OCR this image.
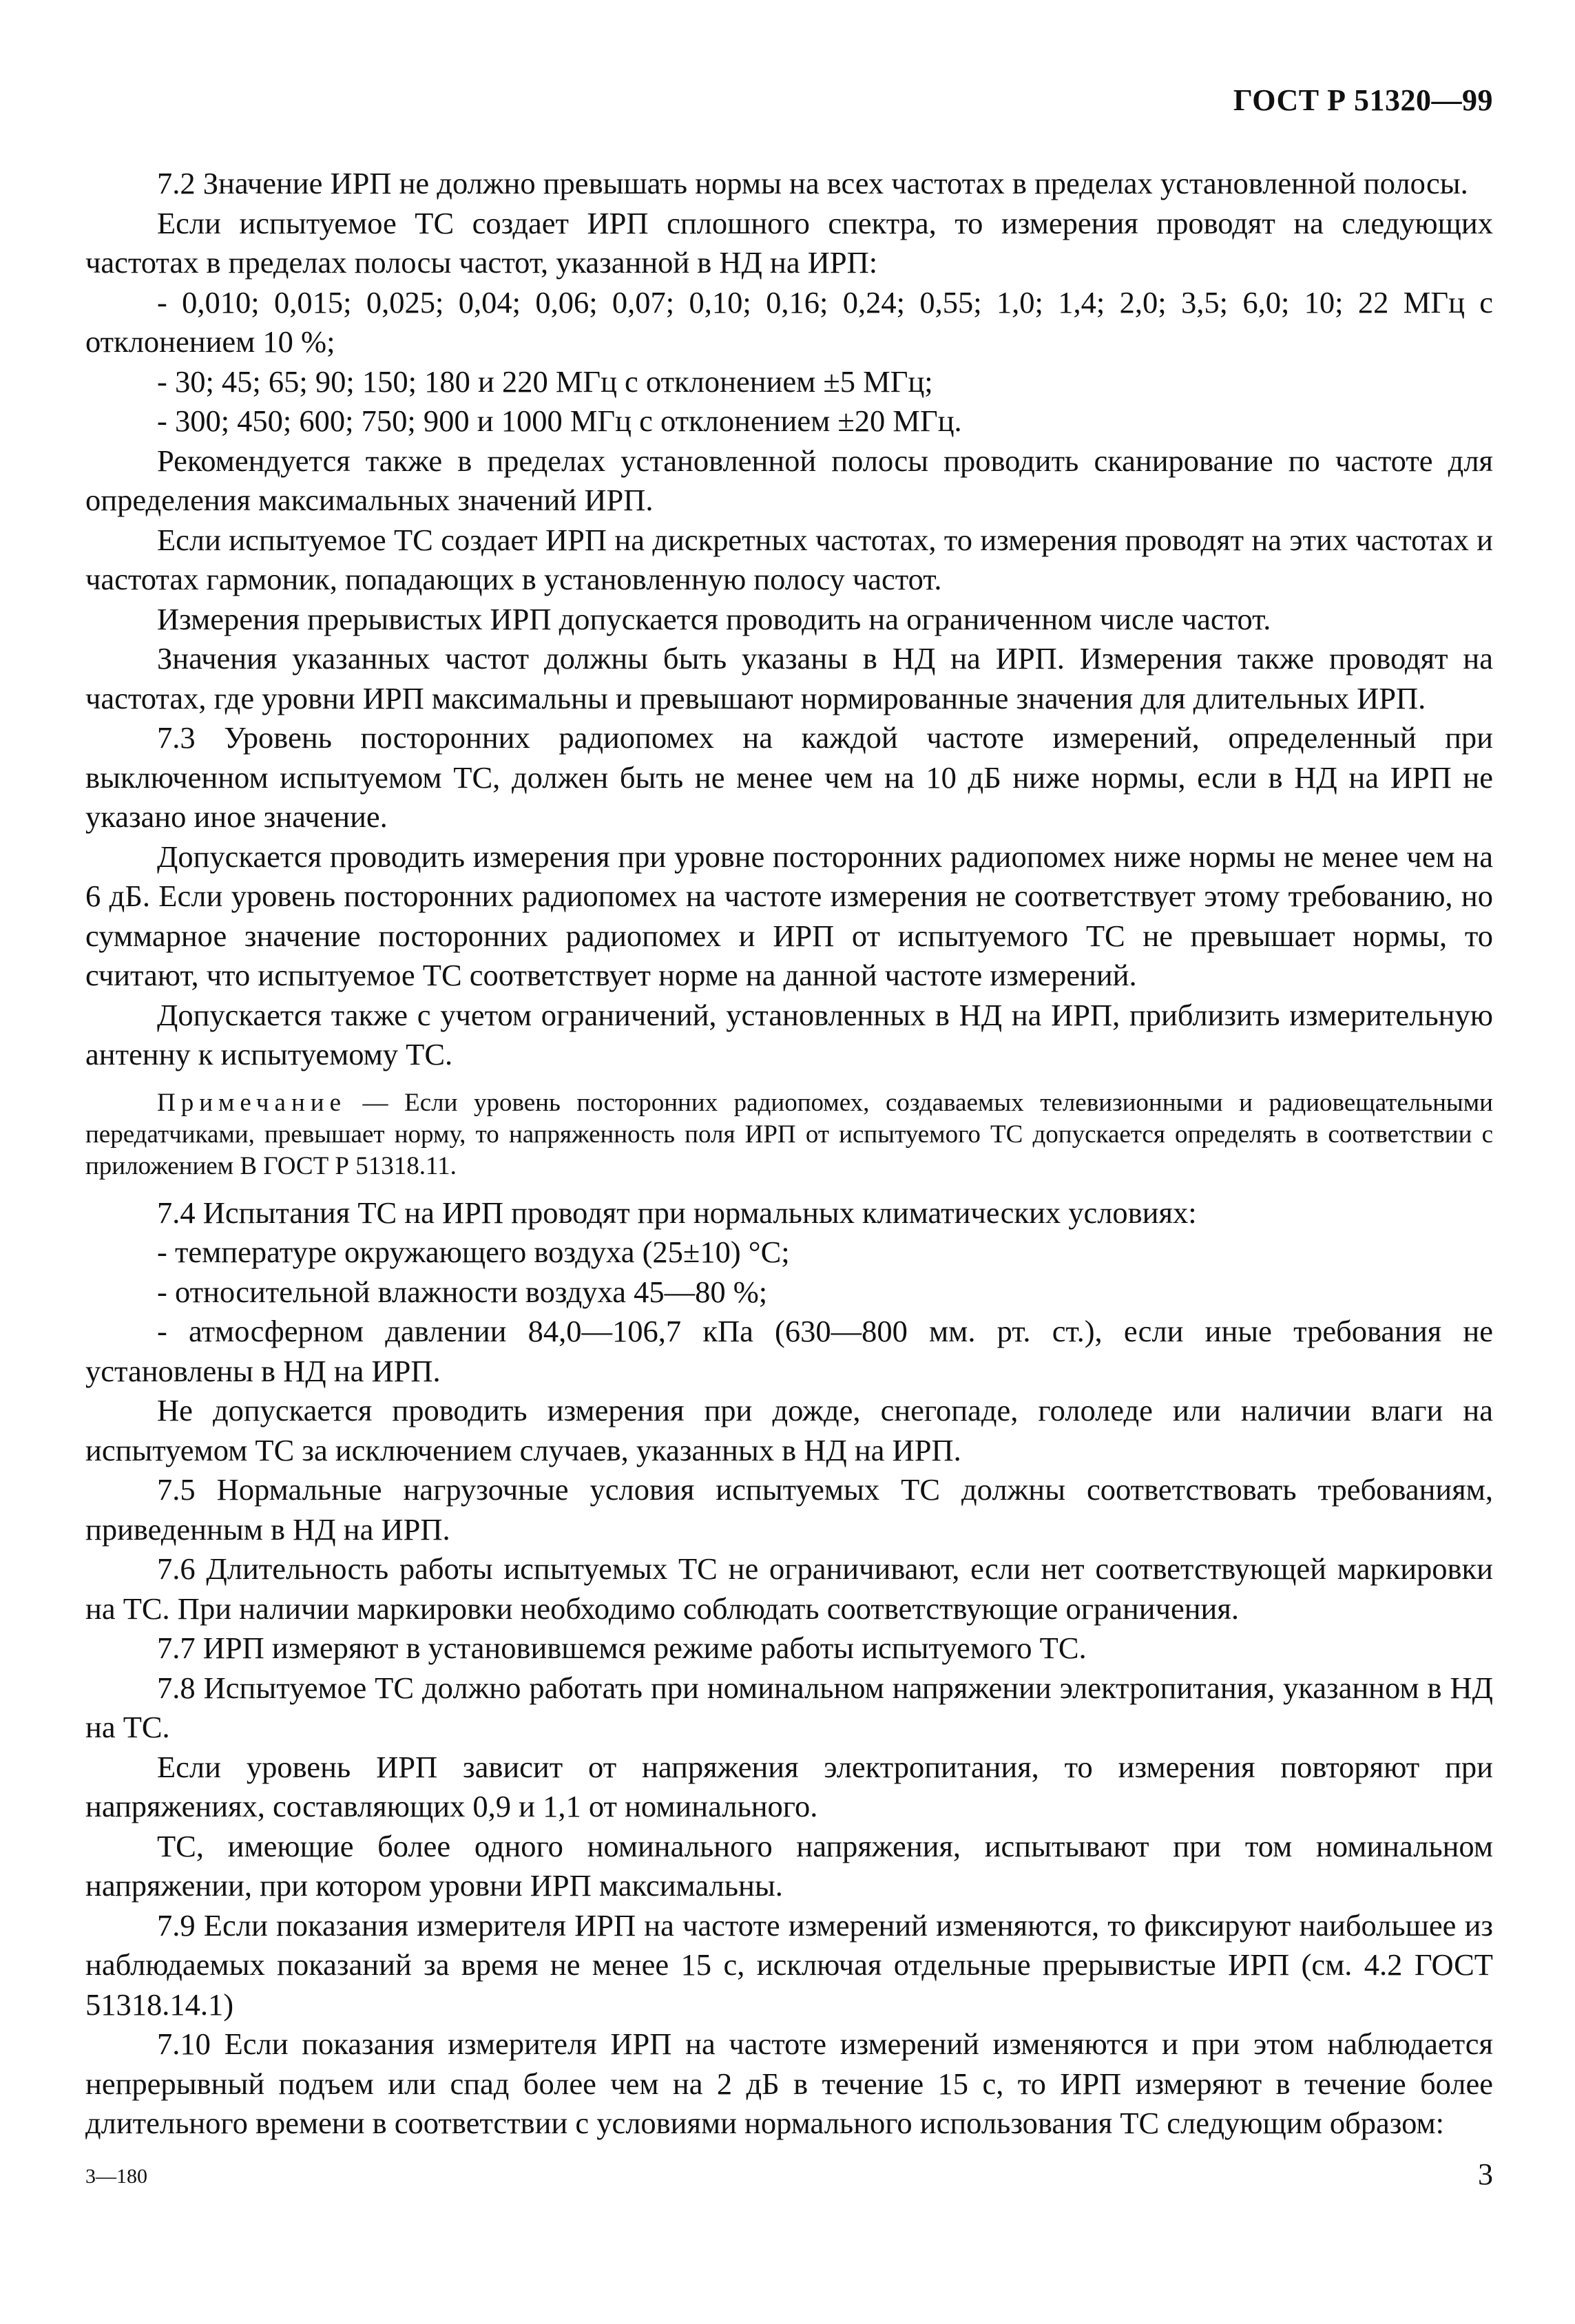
ГОСТ Р 51320—99

7.2 Значение ИРП не должно превышать нормы на всех частотах в пределах установленной полосы.

Если испытуемое ТС создает ИРП сплошного спектра, то измерения проводят на следующих частотах в пределах полосы частот, указанной в НД на ИРП:

- 0,010; 0,015; 0,025; 0,04; 0,06; 0,07; 0,10; 0,16; 0,24; 0,55; 1,0; 1,4; 2,0; 3,5; 6,0; 10; 22 МГц с отклонением 10 %;

- 30; 45; 65; 90; 150; 180 и 220 МГц с отклонением ±5 МГц;

- 300; 450; 600; 750; 900 и 1000 МГц с отклонением ±20 МГц.

Рекомендуется также в пределах установленной полосы проводить сканирование по частоте для определения максимальных значений ИРП.

Если испытуемое ТС создает ИРП на дискретных частотах, то измерения проводят на этих частотах и частотах гармоник, попадающих в установленную полосу частот.

Измерения прерывистых ИРП допускается проводить на ограниченном числе частот.

Значения указанных частот должны быть указаны в НД на ИРП. Измерения также проводят на частотах, где уровни ИРП максимальны и превышают нормированные значения для длительных ИРП.

7.3 Уровень посторонних радиопомех на каждой частоте измерений, определенный при выключенном испытуемом ТС, должен быть не менее чем на 10 дБ ниже нормы, если в НД на ИРП не указано иное значение.

Допускается проводить измерения при уровне посторонних радиопомех ниже нормы не менее чем на 6 дБ. Если уровень посторонних радиопомех на частоте измерения не соответствует этому требованию, но суммарное значение посторонних радиопомех и ИРП от испытуемого ТС не превышает нормы, то считают, что испытуемое ТС соответствует норме на данной частоте измерений.

Допускается также с учетом ограничений, установленных в НД на ИРП, приблизить измерительную антенну к испытуемому ТС.

Примечание — Если уровень посторонних радиопомех, создаваемых телевизионными и радиовещательными передатчиками, превышает норму, то напряженность поля ИРП от испытуемого ТС допускается определять в соответствии с приложением В ГОСТ Р 51318.11.

7.4 Испытания ТС на ИРП проводят при нормальных климатических условиях:

- температуре окружающего воздуха (25±10) °С;

- относительной влажности воздуха 45—80 %;

- атмосферном давлении 84,0—106,7 кПа (630—800 мм. рт. ст.), если иные требования не установлены в НД на ИРП.

Не допускается проводить измерения при дожде, снегопаде, гололеде или наличии влаги на испытуемом ТС за исключением случаев, указанных в НД на ИРП.

7.5 Нормальные нагрузочные условия испытуемых ТС должны соответствовать требованиям, приведенным в НД на ИРП.

7.6 Длительность работы испытуемых ТС не ограничивают, если нет соответствующей маркировки на ТС. При наличии маркировки необходимо соблюдать соответствующие ограничения.

7.7 ИРП измеряют в установившемся режиме работы испытуемого ТС.

7.8 Испытуемое ТС должно работать при номинальном напряжении электропитания, указанном в НД на ТС.

Если уровень ИРП зависит от напряжения электропитания, то измерения повторяют при напряжениях, составляющих 0,9 и 1,1 от номинального.

ТС, имеющие более одного номинального напряжения, испытывают при том номинальном напряжении, при котором уровни ИРП максимальны.

7.9 Если показания измерителя ИРП на частоте измерений изменяются, то фиксируют наибольшее из наблюдаемых показаний за время не менее 15 с, исключая отдельные прерывистые ИРП (см. 4.2 ГОСТ 51318.14.1)

7.10 Если показания измерителя ИРП на частоте измерений изменяются и при этом наблюдается непрерывный подъем или спад более чем на 2 дБ в течение 15 с, то ИРП измеряют в течение более длительного времени в соответствии с условиями нормального использования ТС следующим образом:

3—180	3
